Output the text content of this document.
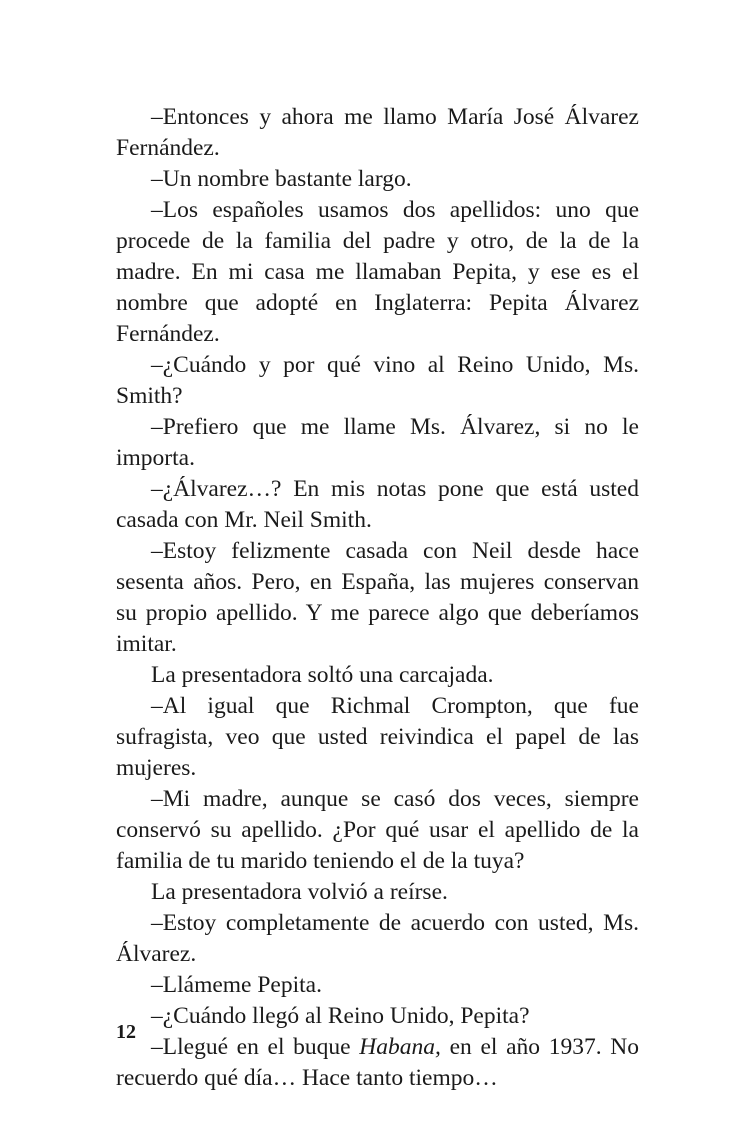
–Entonces y ahora me llamo María José Álvarez Fernández.

–Un nombre bastante largo.

–Los españoles usamos dos apellidos: uno que procede de la familia del padre y otro, de la de la madre. En mi casa me llamaban Pepita, y ese es el nombre que adopté en Inglaterra: Pepita Álvarez Fernández.

–¿Cuándo y por qué vino al Reino Unido, Ms. Smith?

–Prefiero que me llame Ms. Álvarez, si no le importa.

–¿Álvarez…? En mis notas pone que está usted casada con Mr. Neil Smith.

–Estoy felizmente casada con Neil desde hace sesenta años. Pero, en España, las mujeres conservan su propio apellido. Y me parece algo que deberíamos imitar.

La presentadora soltó una carcajada.

–Al igual que Richmal Crompton, que fue sufragista, veo que usted reivindica el papel de las mujeres.

–Mi madre, aunque se casó dos veces, siempre conservó su apellido. ¿Por qué usar el apellido de la familia de tu marido teniendo el de la tuya?

La presentadora volvió a reírse.

–Estoy completamente de acuerdo con usted, Ms. Álvarez.

–Llámeme Pepita.

–¿Cuándo llegó al Reino Unido, Pepita?

–Llegué en el buque Habana, en el año 1937. No recuerdo qué día… Hace tanto tiempo…

12
